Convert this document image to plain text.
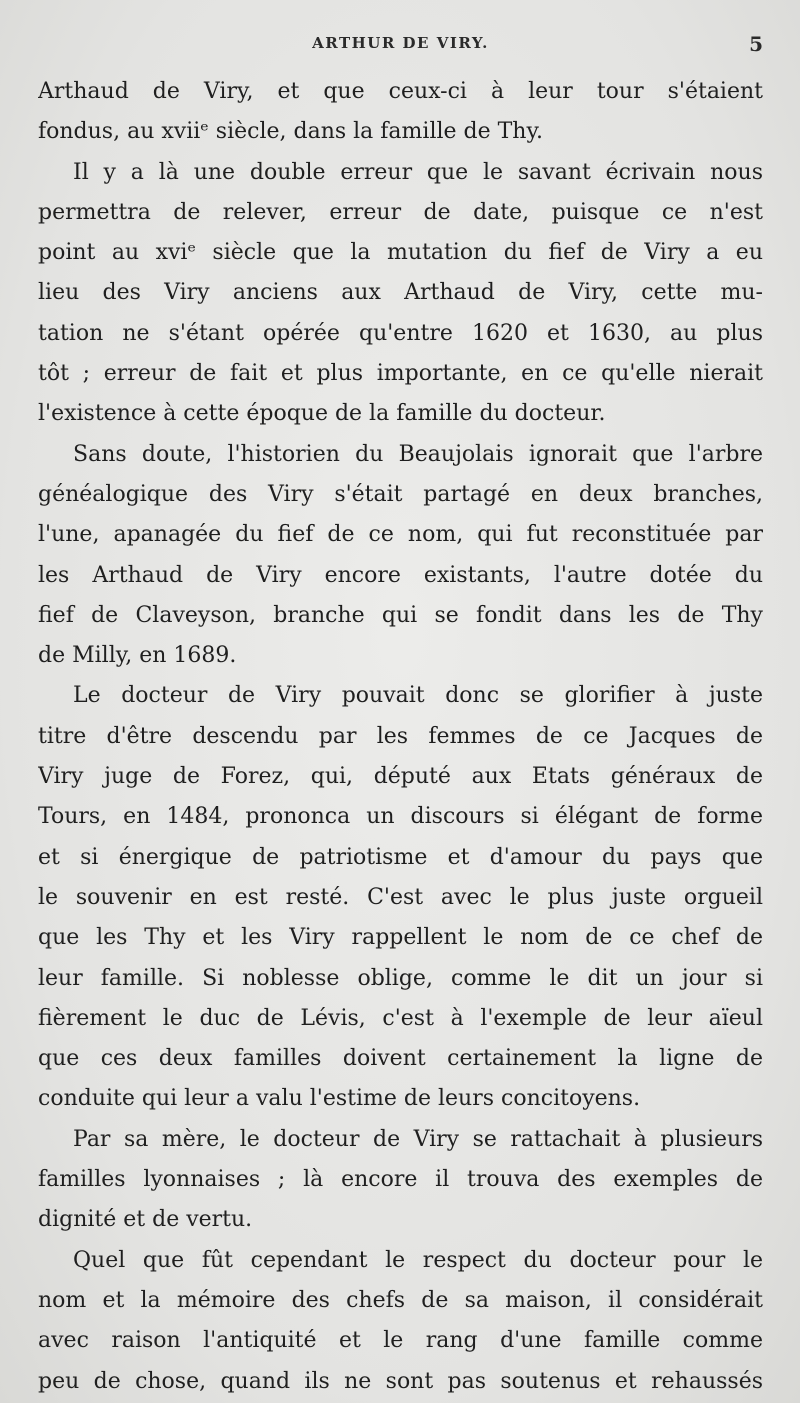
ARTHUR DE VIRY.	5
Arthaud de Viry, et que ceux-ci à leur tour s'étaient
fondus, au xviiᵉ siècle, dans la famille de Thy.
Il y a là une double erreur que le savant écrivain nous
permettra de relever, erreur de date, puisque ce n'est
point au xviᵉ siècle que la mutation du fief de Viry a eu
lieu des Viry anciens aux Arthaud de Viry, cette mu-
tation ne s'étant opérée qu'entre 1620 et 1630, au plus
tôt ; erreur de fait et plus importante, en ce qu'elle nierait
l'existence à cette époque de la famille du docteur.
Sans doute, l'historien du Beaujolais ignorait que l'arbre
généalogique des Viry s'était partagé en deux branches,
l'une, apanagée du fief de ce nom, qui fut reconstituée par
les Arthaud de Viry encore existants, l'autre dotée du
fief de Claveyson, branche qui se fondit dans les de Thy
de Milly, en 1689.
Le docteur de Viry pouvait donc se glorifier à juste
titre d'être descendu par les femmes de ce Jacques de
Viry juge de Forez, qui, député aux Etats généraux de
Tours, en 1484, prononca un discours si élégant de forme
et si énergique de patriotisme et d'amour du pays que
le souvenir en est resté. C'est avec le plus juste orgueil
que les Thy et les Viry rappellent le nom de ce chef de
leur famille. Si noblesse oblige, comme le dit un jour si
fièrement le duc de Lévis, c'est à l'exemple de leur aïeul
que ces deux familles doivent certainement la ligne de
conduite qui leur a valu l'estime de leurs concitoyens.
Par sa mère, le docteur de Viry se rattachait à plusieurs
familles lyonnaises ; là encore il trouva des exemples de
dignité et de vertu.
Quel que fût cependant le respect du docteur pour le
nom et la mémoire des chefs de sa maison, il considérait
avec raison l'antiquité et le rang d'une famille comme
peu de chose, quand ils ne sont pas soutenus et rehaussés
